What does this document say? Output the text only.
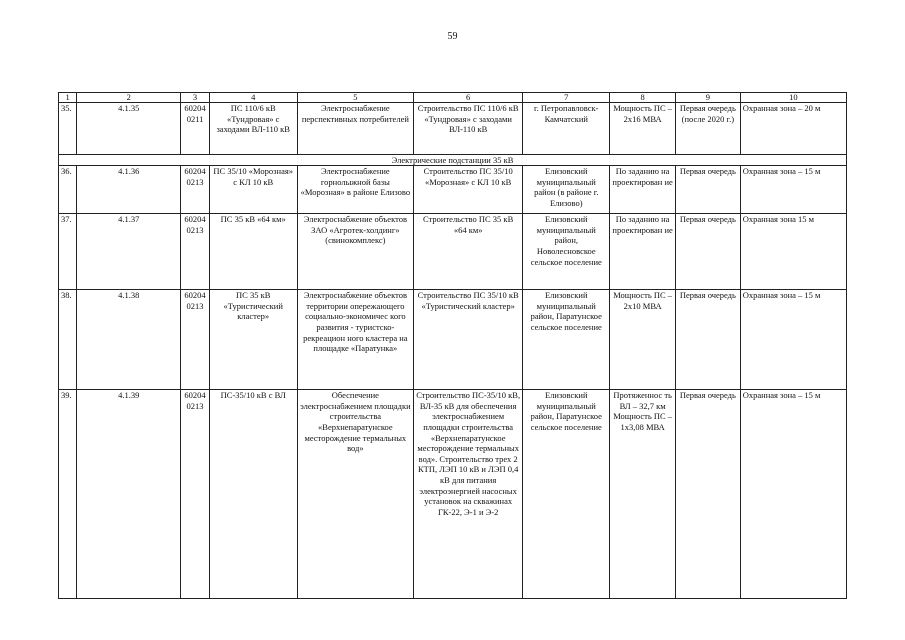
59
1	2	3	4	5	6	7	8	9	10
35.	4.1.35	602040211	ПС 110/6 кВ «Тундровая» с заходами ВЛ-110 кВ	Электроснабжение перспективных потребителей	Строительство ПС 110/6 кВ «Тундровая» с заходами ВЛ-110 кВ	г. Петропавловск-Камчатский	Мощность ПС – 2х16 МВА	Первая очередь (после 2020 г.)	Охранная зона – 20 м
Электрические подстанции 35 кВ									
36.	4.1.36	602040213	ПС 35/10 «Морозная» с КЛ 10 кВ	Электроснабжение горнолыжной базы «Морозная» в районе Елизово	Строительство ПС 35/10 «Морозная» с КЛ 10 кВ	Елизовский муниципальный район (в районе г. Елизово)	По заданию на проектирован ие	Первая очередь	Охранная зона – 15 м
37.	4.1.37	602040213	ПС 35 кВ «64 км»	Электроснабжение объектов ЗАО «Агротек-холдинг» (свинокомплекс)	Строительство ПС 35 кВ «64 км»	Елизовский муниципальный район, Новолесновское сельское поселение	По заданию на проектирован ие	Первая очередь	Охранная зона 15 м
38.	4.1.38	602040213	ПС 35 кВ «Туристический кластер»	Электроснабжение объектов территории опережающего социально-экономичес кого развития - туристско-рекреацион ного кластера на площадке «Паратунка»	Строительство ПС 35/10 кВ «Туристический кластер»	Елизовский муниципальный район, Паратунское сельское поселение	Мощность ПС – 2х10 МВА	Первая очередь	Охранная зона – 15 м
39.	4.1.39	602040213	ПС-35/10 кВ с ВЛ	Обеспечение электроснабжением площадки строительства «Верхнепаратунское месторождение термальных вод»	Строительство ПС-35/10 кВ, ВЛ-35 кВ для обеспечения электроснабжением площадки строительства «Верхнепаратунское месторождение термальных вод». Строительство трех 2 КТП, ЛЭП 10 кВ и ЛЭП 0,4 кВ для питания электроэнергией насосных установок на скважинах ГК-22, Э-1 и Э-2	Елизовский муниципальный район, Паратунское сельское поселение	Протяженнос ть ВЛ – 32,7 км Мощность ПС – 1х3,08 МВА	Первая очередь	Охранная зона – 15 м
